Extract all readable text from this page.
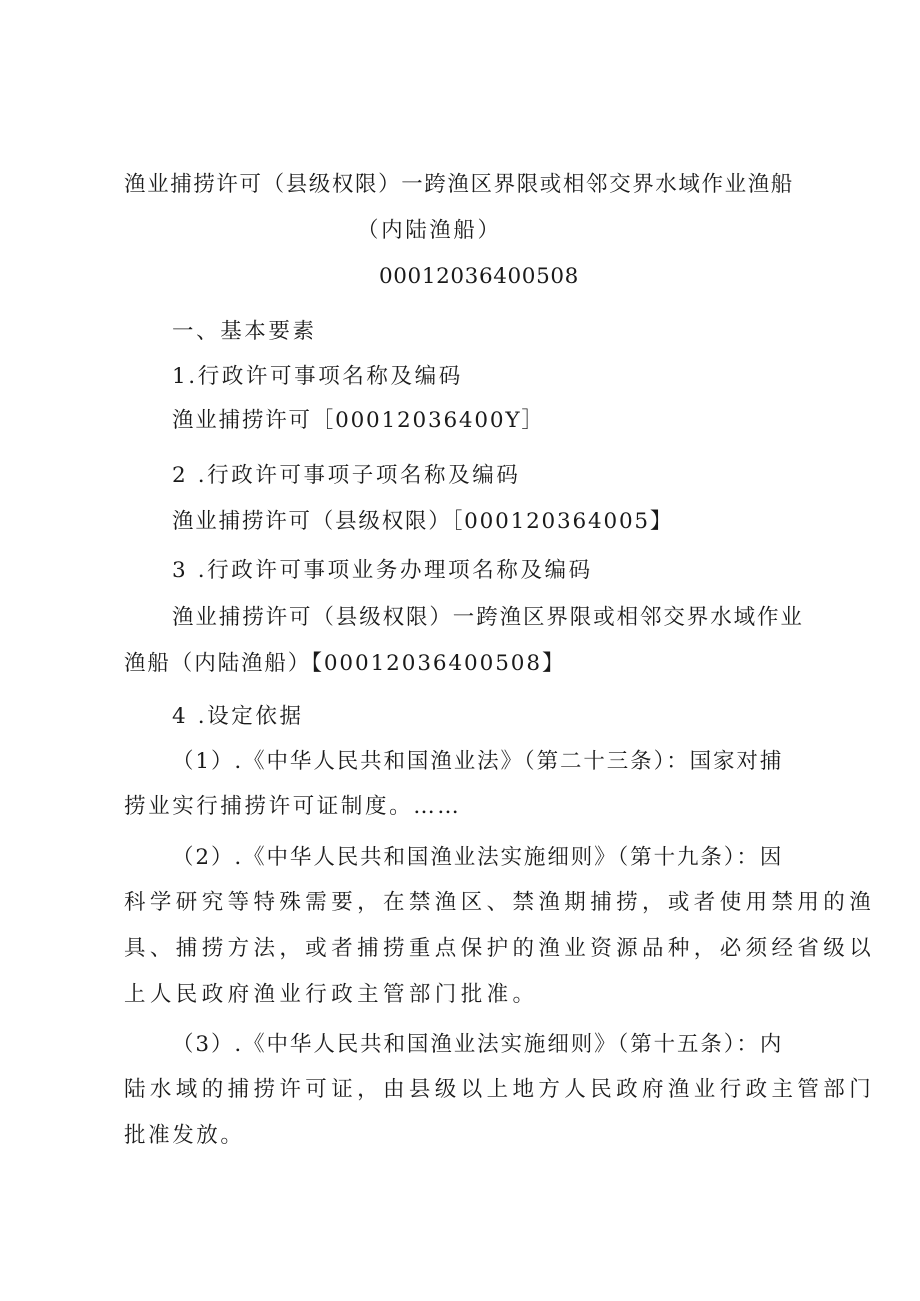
渔业捕捞许可（县级权限）一跨渔区界限或相邻交界水域作业渔船
（内陆渔船）
00012036400508
一、基本要素
1.行政许可事项名称及编码
渔业捕捞许可［00012036400Y］
2 .行政许可事项子项名称及编码
渔业捕捞许可（县级权限）［000120364005】
3 .行政许可事项业务办理项名称及编码
渔业捕捞许可（县级权限）一跨渔区界限或相邻交界水域作业
渔船（内陆渔船）【00012036400508】
4 .设定依据
（1）.《中华人民共和国渔业法》（第二十三条）：国家对捕
捞业实行捕捞许可证制度。……
（2）.《中华人民共和国渔业法实施细则》（第十九条）：因
科学研究等特殊需要，在禁渔区、禁渔期捕捞，或者使用禁用的渔
具、捕捞方法，或者捕捞重点保护的渔业资源品种，必须经省级以
上人民政府渔业行政主管部门批准。
（3）.《中华人民共和国渔业法实施细则》（第十五条）：内
陆水域的捕捞许可证，由县级以上地方人民政府渔业行政主管部门
批准发放。
